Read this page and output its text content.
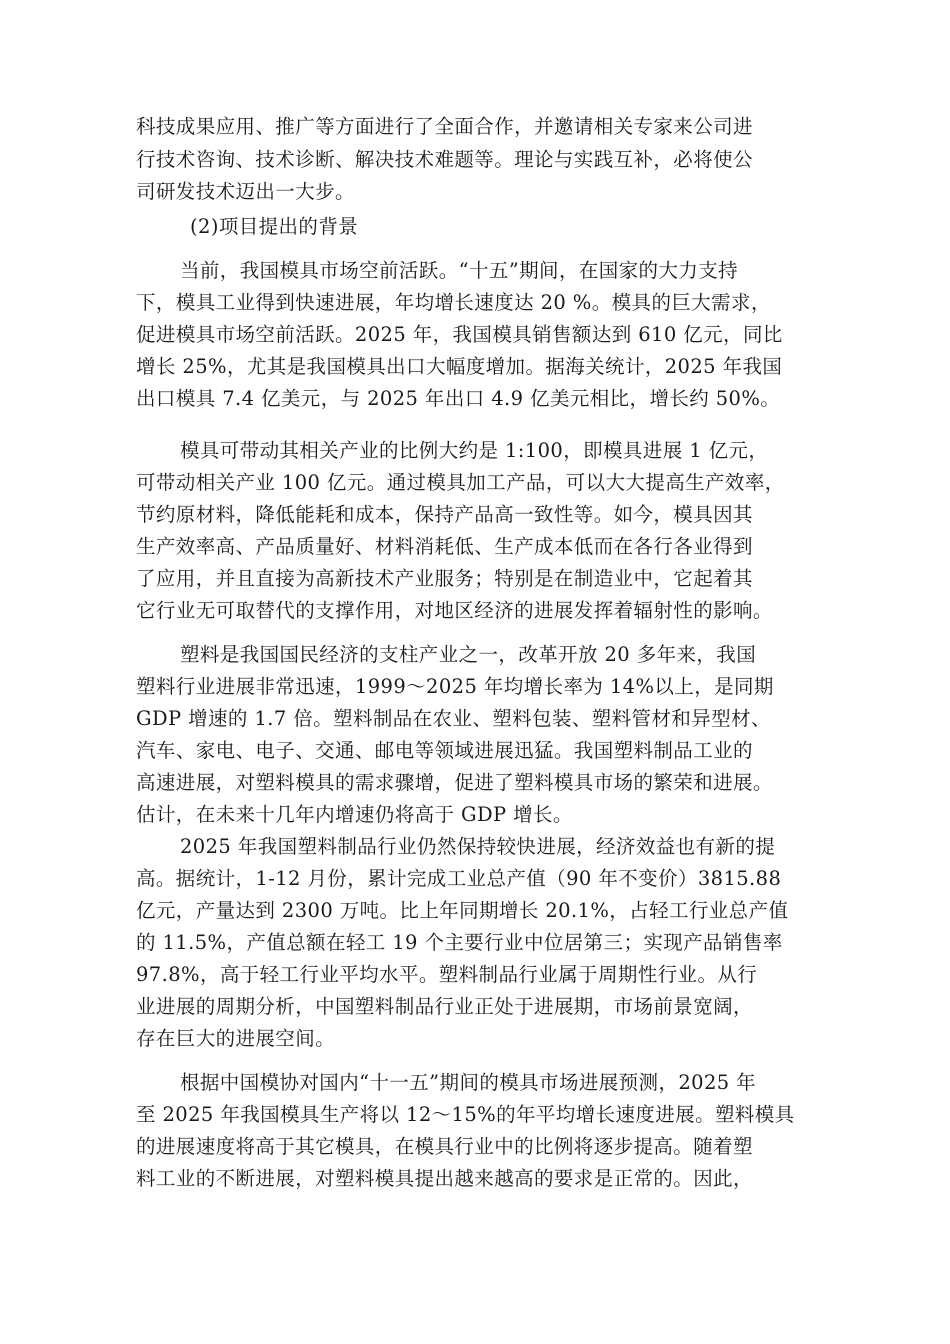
科技成果应用、推广等方面进行了全面合作，并邀请相关专家来公司进
行技术咨询、技术诊断、解决技术难题等。理论与实践互补，必将使公
司研发技术迈出一大步。
(2)项目提出的背景
当前，我国模具市场空前活跃。“十五”期间，在国家的大力支持
下，模具工业得到快速进展，年均增长速度达 20 %。模具的巨大需求，
促进模具市场空前活跃。2025 年，我国模具销售额达到 610 亿元，同比
增长 25%，尤其是我国模具出口大幅度增加。据海关统计，2025 年我国
出口模具 7.4 亿美元，与 2025 年出口 4.9 亿美元相比，增长约 50%。
模具可带动其相关产业的比例大约是 1:100，即模具进展 1 亿元，
可带动相关产业 100 亿元。通过模具加工产品，可以大大提高生产效率，
节约原材料，降低能耗和成本，保持产品高一致性等。如今，模具因其
生产效率高、产品质量好、材料消耗低、生产成本低而在各行各业得到
了应用，并且直接为高新技术产业服务；特别是在制造业中，它起着其
它行业无可取替代的支撑作用，对地区经济的进展发挥着辐射性的影响。
塑料是我国国民经济的支柱产业之一，改革开放 20 多年来，我国
塑料行业进展非常迅速，1999～2025 年均增长率为 14%以上，是同期
GDP 增速的 1.7 倍。塑料制品在农业、塑料包装、塑料管材和异型材、
汽车、家电、电子、交通、邮电等领域进展迅猛。我国塑料制品工业的
高速进展，对塑料模具的需求骤增，促进了塑料模具市场的繁荣和进展。
估计，在未来十几年内增速仍将高于 GDP 增长。
2025 年我国塑料制品行业仍然保持较快进展，经济效益也有新的提
高。据统计，1-12 月份，累计完成工业总产值（90 年不变价）3815.88
亿元，产量达到 2300 万吨。比上年同期增长 20.1%，占轻工行业总产值
的 11.5%，产值总额在轻工 19 个主要行业中位居第三；实现产品销售率
97.8%，高于轻工行业平均水平。塑料制品行业属于周期性行业。从行
业进展的周期分析，中国塑料制品行业正处于进展期，市场前景宽阔，
存在巨大的进展空间。
根据中国模协对国内“十一五”期间的模具市场进展预测，2025 年
至 2025 年我国模具生产将以 12～15%的年平均增长速度进展。塑料模具
的进展速度将高于其它模具，在模具行业中的比例将逐步提高。随着塑
料工业的不断进展，对塑料模具提出越来越高的要求是正常的。因此，
